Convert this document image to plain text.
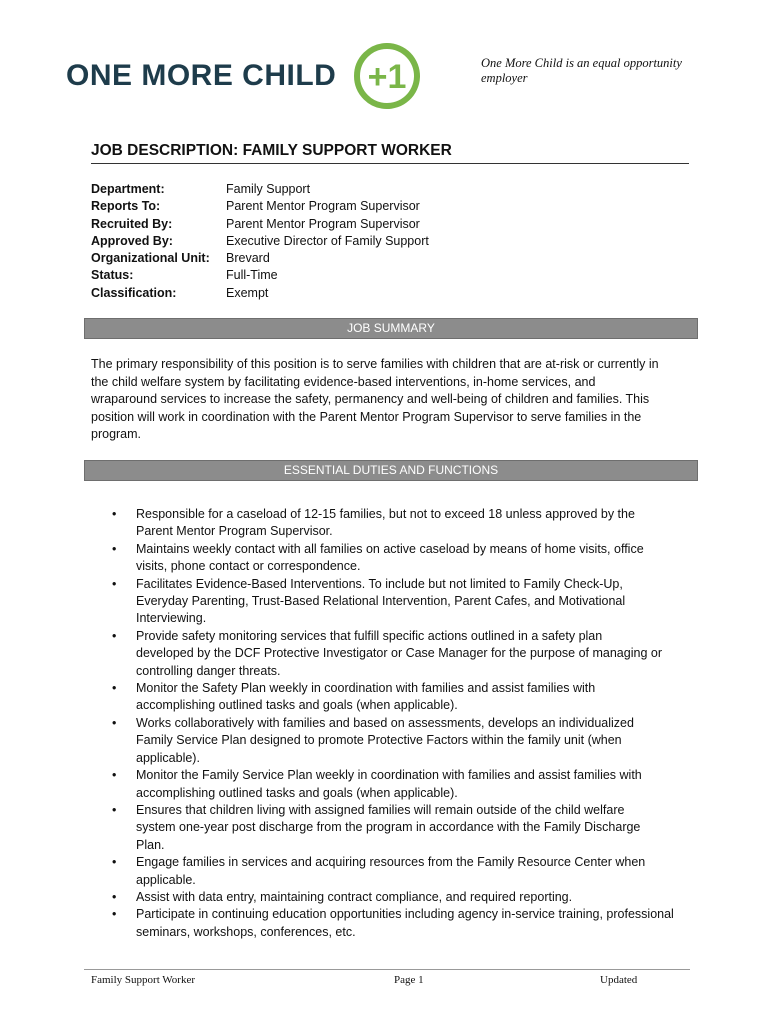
ONE MORE CHILD +1	One More Child is an equal opportunity employer
JOB DESCRIPTION: FAMILY SUPPORT WORKER
Department:	Family Support
Reports To:	Parent Mentor Program Supervisor
Recruited By:	Parent Mentor Program Supervisor
Approved By:	Executive Director of Family Support
Organizational Unit:	Brevard
Status:	Full-Time
Classification:	Exempt
JOB SUMMARY
The primary responsibility of this position is to serve families with children that are at-risk or currently in
the child welfare system by facilitating evidence-based interventions, in-home services, and
wraparound services to increase the safety, permanency and well-being of children and families. This
position will work in coordination with the Parent Mentor Program Supervisor to serve families in the
program.
ESSENTIAL DUTIES AND FUNCTIONS
• Responsible for a caseload of 12-15 families, but not to exceed 18 unless approved by the
Parent Mentor Program Supervisor.
• Maintains weekly contact with all families on active caseload by means of home visits, office
visits, phone contact or correspondence.
• Facilitates Evidence-Based Interventions. To include but not limited to Family Check-Up,
Everyday Parenting, Trust-Based Relational Intervention, Parent Cafes, and Motivational
Interviewing.
• Provide safety monitoring services that fulfill specific actions outlined in a safety plan
developed by the DCF Protective Investigator or Case Manager for the purpose of managing or
controlling danger threats.
• Monitor the Safety Plan weekly in coordination with families and assist families with
accomplishing outlined tasks and goals (when applicable).
• Works collaboratively with families and based on assessments, develops an individualized
Family Service Plan designed to promote Protective Factors within the family unit (when
applicable).
• Monitor the Family Service Plan weekly in coordination with families and assist families with
accomplishing outlined tasks and goals (when applicable).
• Ensures that children living with assigned families will remain outside of the child welfare
system one-year post discharge from the program in accordance with the Family Discharge
Plan.
• Engage families in services and acquiring resources from the Family Resource Center when
applicable.
• Assist with data entry, maintaining contract compliance, and required reporting.
• Participate in continuing education opportunities including agency in-service training, professional
seminars, workshops, conferences, etc.
Family Support Worker	Page 1	Updated
